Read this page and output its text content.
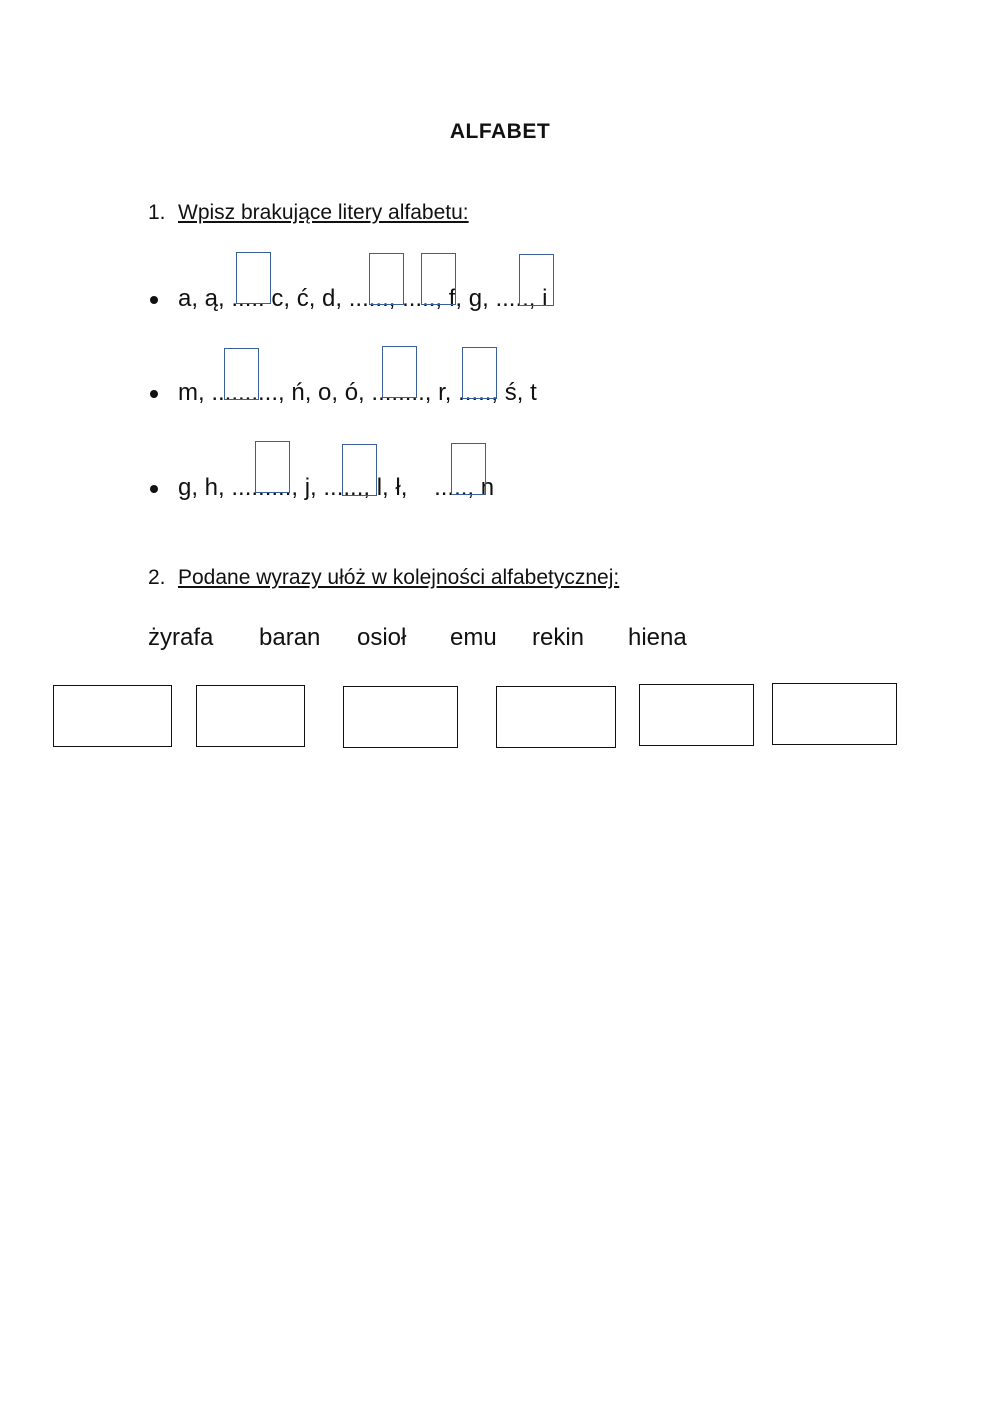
ALFABET
1. Wpisz brakujące litery alfabetu:
a, ą, ..... c, ć, d, ......, ....., f, g, ....., i
m, .........., ń, o, ó, ........, r, ....., ś, t
g, h, ........., j, ......, l, ł,    ....., n
2. Podane wyrazy ułóż w kolejności alfabetycznej:
żyrafa baran osioł emu rekin hiena
